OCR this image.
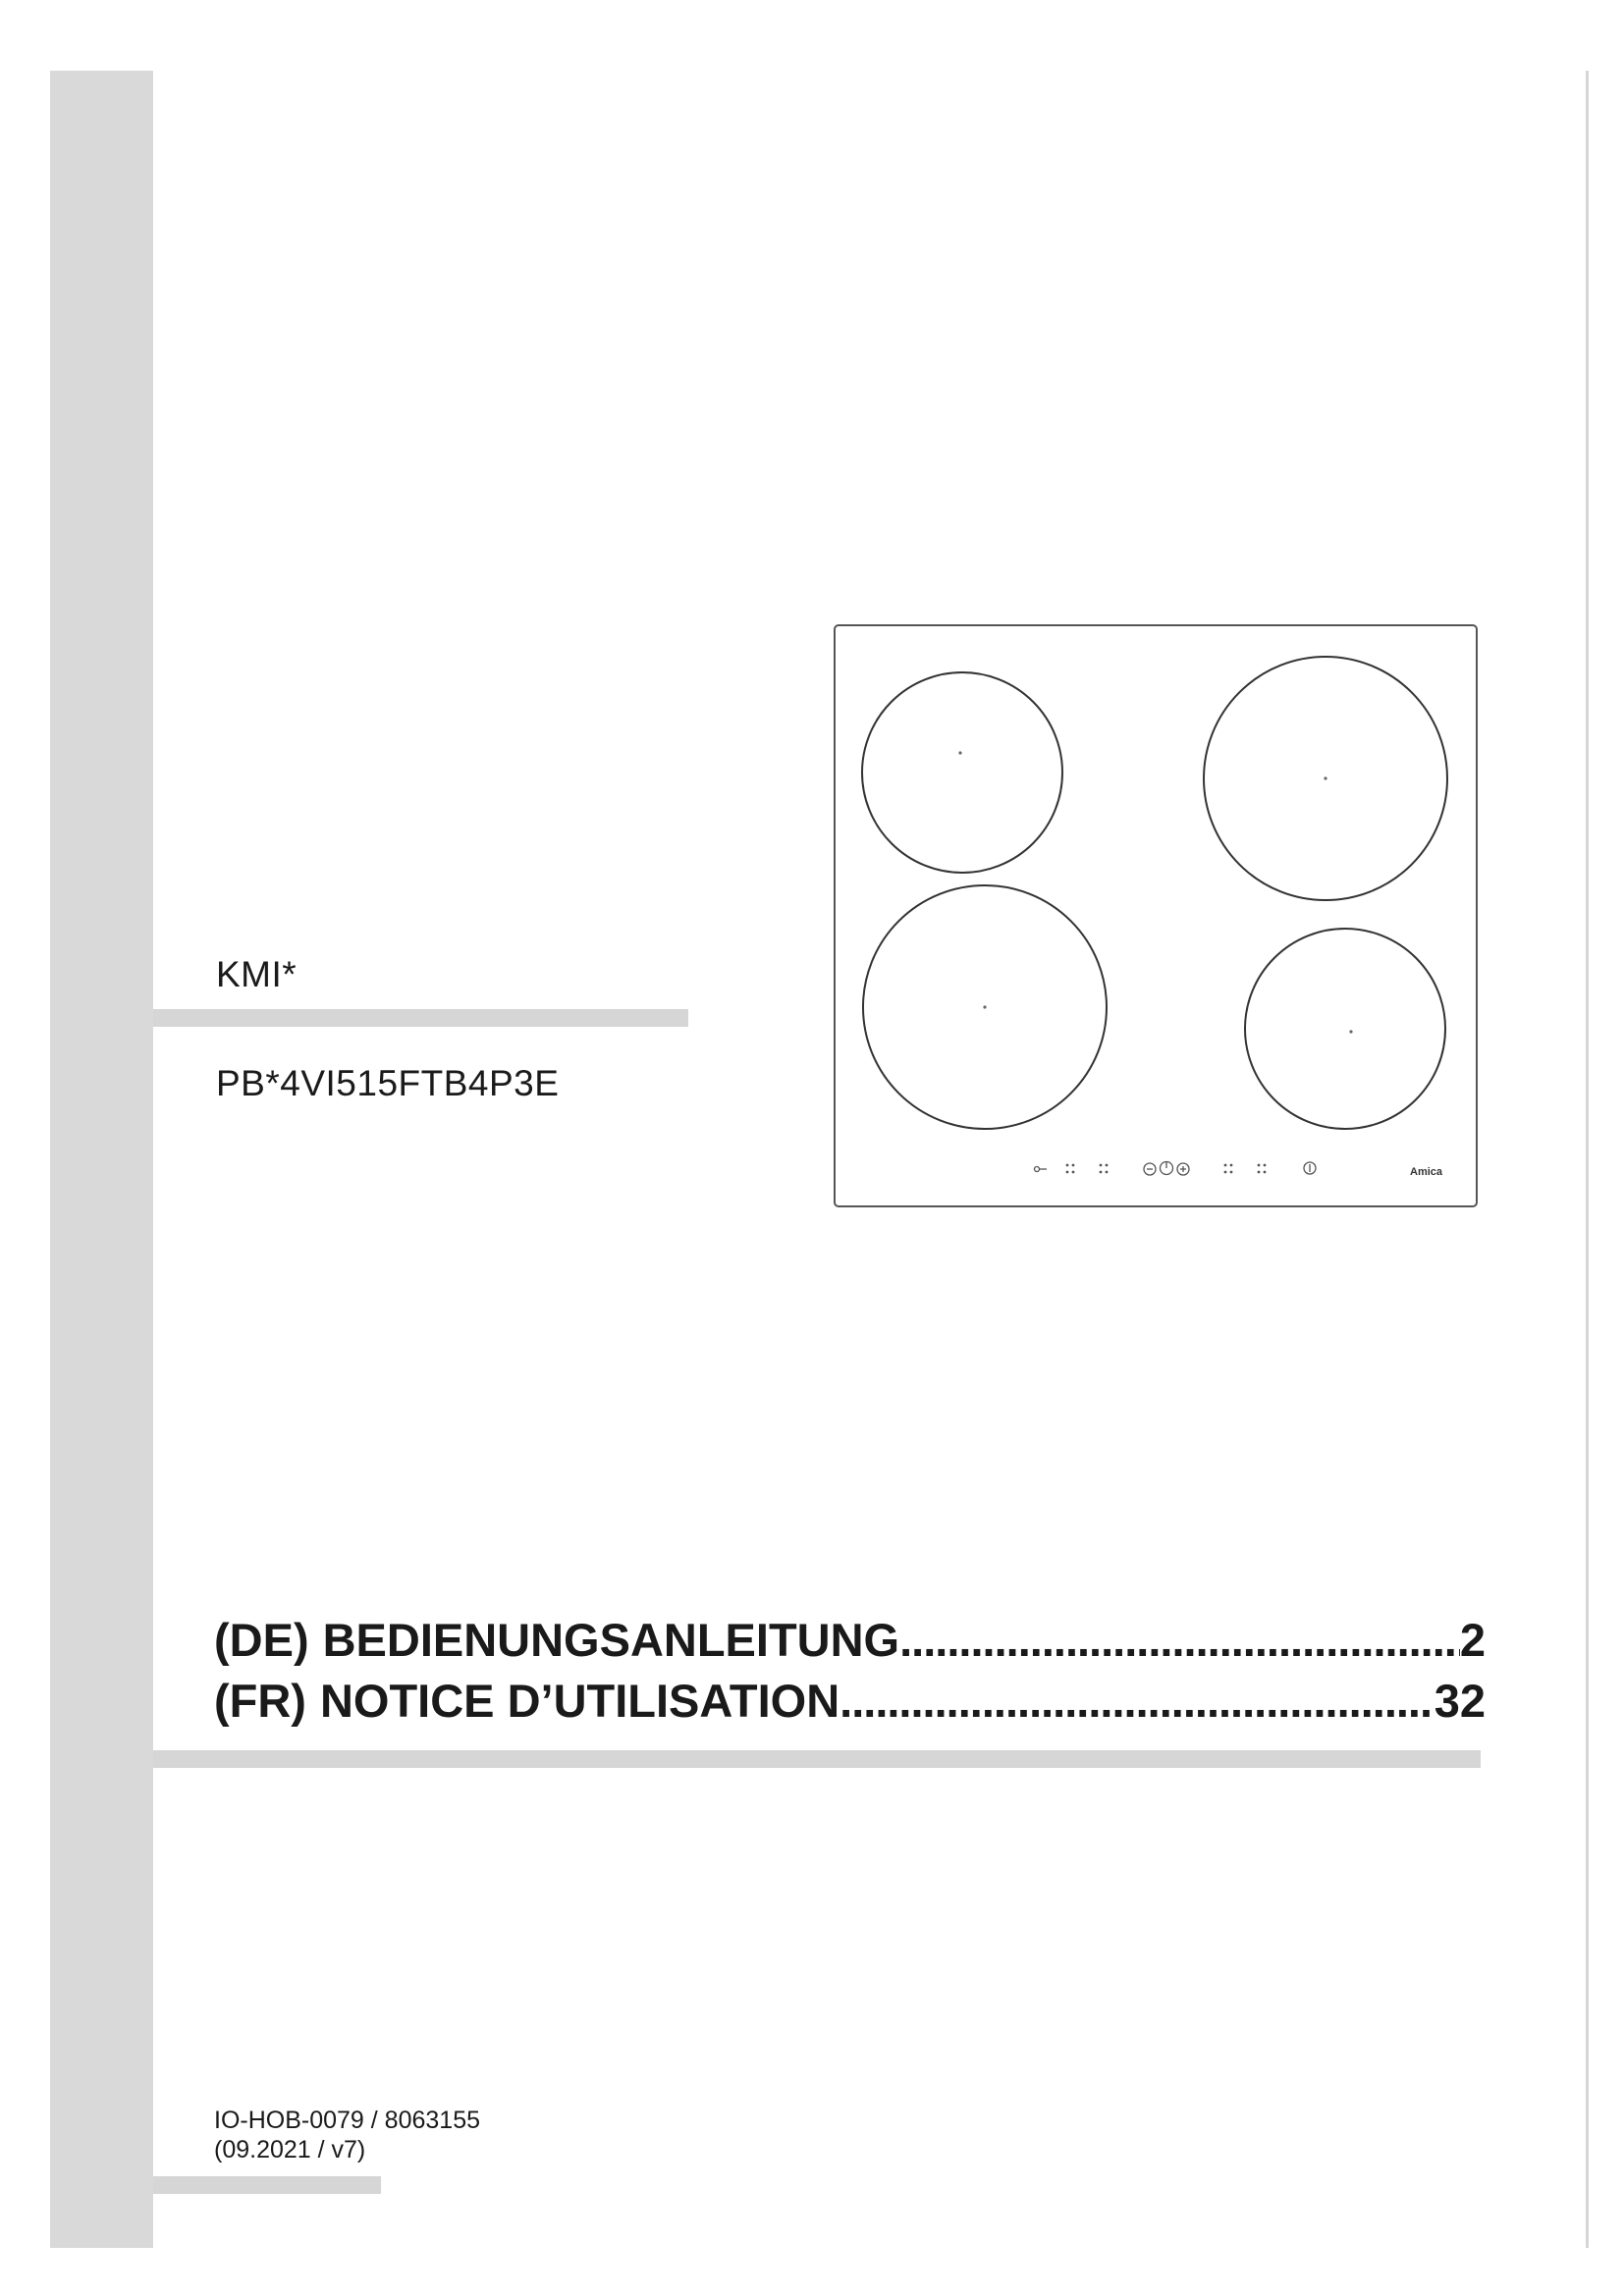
KMI*
PB*4VI515FTB4P3E
Amica
(DE) BEDIENUNGSANLEITUNG .....	2
(FR) NOTICE D’UTILISATION .....	32
IO-HOB-0079 / 8063155
(09.2021 / v7)
